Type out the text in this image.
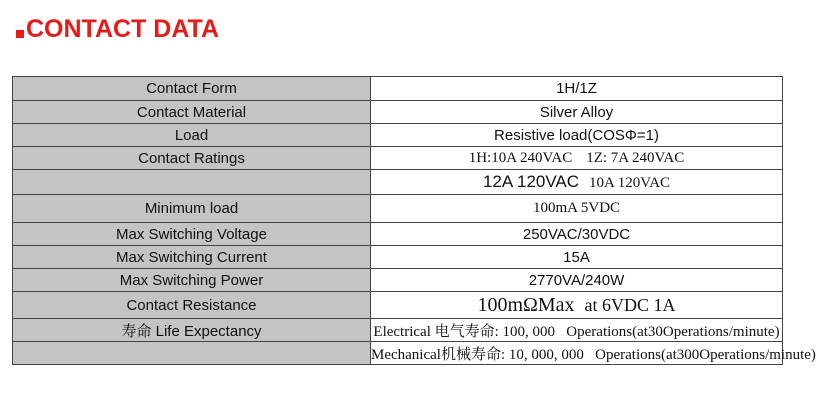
CONTACT DATA
Contact Form	1H/1Z
Contact Material	Silver Alloy
Load	Resistive load(COSΦ=1)
Contact Ratings	1H:10A 240VAC 1Z: 7A 240VAC
	12A 120VAC 10A 120VAC
Minimum load	100mA 5VDC
Max Switching Voltage	250VAC/30VDC
Max Switching Current	15A
Max Switching Power	2770VA/240W
Contact Resistance	100mΩMax at 6VDC 1A
寿命 Life Expectancy	Electrical 电气寿命: 100, 000 Operations(at30Operations/minute)
	Mechanical机械寿命: 10, 000, 000 Operations(at300Operations/minute)
